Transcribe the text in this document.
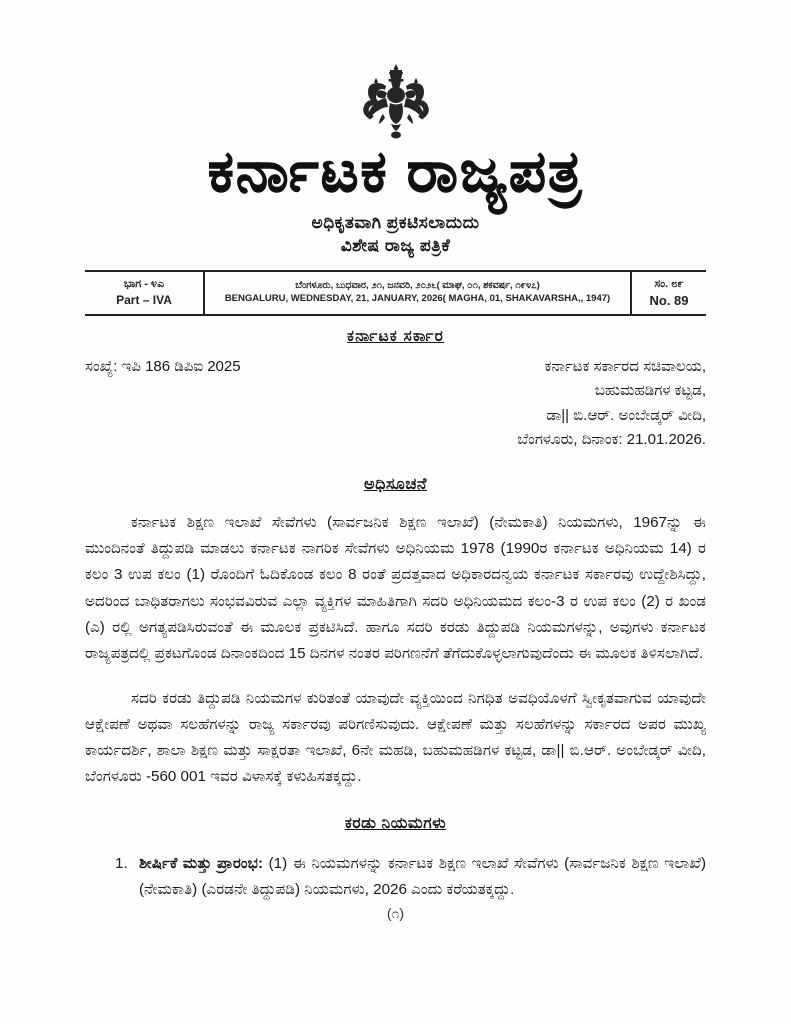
ಕರ್ನಾಟಕ ರಾಜ್ಯಪತ್ರ
ಅಧಿಕೃತವಾಗಿ ಪ್ರಕಟಿಸಲಾದುದು
ವಿಶೇಷ ರಾಜ್ಯ ಪತ್ರಿಕೆ
ಭಾಗ - ೪ಎ
Part – IVA
ಬೆಂಗಳೂರು, ಬುಧವಾರ, ೨೧, ಜನವರಿ, ೨೦೨೬( ಮಾಘ, ೦೧, ಶಕವರ್ಷ, ೧೯೪೭)
BENGALURU, WEDNESDAY, 21, JANUARY, 2026( MAGHA, 01, SHAKAVARSHA,, 1947)
ಸಂ. ೮೯
No. 89
ಕರ್ನಾಟಕ ಸರ್ಕಾರ
ಸಂಖ್ಯೆ: ಇಪಿ 186 ಡಿಪಿಐ 2025	ಕರ್ನಾಟಕ ಸರ್ಕಾರದ ಸಚಿವಾಲಯ,
ಬಹುಮಹಡಿಗಳ ಕಟ್ಟಡ,
ಡಾ|| ಬಿ.ಆರ್. ಅಂಬೇಡ್ಕರ್ ವೀದಿ,
ಬೆಂಗಳೂರು, ದಿನಾಂಕ: 21.01.2026.
ಅಧಿಸೂಚನೆ
ಕರ್ನಾಟಕ ಶಿಕ್ಷಣ ಇಲಾಖೆ ಸೇವೆಗಳು (ಸಾರ್ವಜನಿಕ ಶಿಕ್ಷಣ ಇಲಾಖೆ) (ನೇಮಕಾತಿ) ನಿಯಮಗಳು, 1967ನ್ನು ಈ ಮುಂದಿನಂತೆ ತಿದ್ದುಪಡಿ ಮಾಡಲು ಕರ್ನಾಟಕ ನಾಗರಿಕ ಸೇವೆಗಳು ಅಧಿನಿಯಮ 1978 (1990ರ ಕರ್ನಾಟಕ ಅಧಿನಿಯಮ 14) ರ ಕಲಂ 3 ಉಪ ಕಲಂ (1) ರೊಂದಿಗೆ ಓದಿಕೊಂಡ ಕಲಂ 8 ರಂತೆ ಪ್ರದತ್ತವಾದ ಅಧಿಕಾರದನ್ವಯ ಕರ್ನಾಟಕ ಸರ್ಕಾರವು ಉದ್ದೇಶಿಸಿದ್ದು, ಅದರಿಂದ ಬಾಧಿತರಾಗಲು ಸಂಭವವಿರುವ ಎಲ್ಲಾ ವ್ಯಕ್ತಿಗಳ ಮಾಹಿತಿಗಾಗಿ ಸದರಿ ಅಧಿನಿಯಮದ ಕಲಂ-3 ರ ಉಪ ಕಲಂ (2) ರ ಖಂಡ (ಎ) ರಲ್ಲಿ ಅಗತ್ಯಪಡಿಸಿರುವಂತೆ ಈ ಮೂಲಕ ಪ್ರಕಟಿಸಿದೆ. ಹಾಗೂ ಸದರಿ ಕರಡು ತಿದ್ದುಪಡಿ ನಿಯಮಗಳನ್ನು, ಅವುಗಳು ಕರ್ನಾಟಕ ರಾಜ್ಯಪತ್ರದಲ್ಲಿ ಪ್ರಕಟಗೊಂಡ ದಿನಾಂಕದಿಂದ 15 ದಿನಗಳ ನಂತರ ಪರಿಗಣನೆಗೆ ತೆಗೆದುಕೊಳ್ಳಲಾಗುವುದೆಂದು ಈ ಮೂಲಕ ತಿಳಿಸಲಾಗಿದೆ.
ಸದರಿ ಕರಡು ತಿದ್ದುಪಡಿ ನಿಯಮಗಳ ಕುರಿತಂತೆ ಯಾವುದೇ ವ್ಯಕ್ತಿಯಿಂದ ನಿಗಧಿತ ಅವಧಿಯೊಳಗೆ ಸ್ವೀಕೃತವಾಗುವ ಯಾವುದೇ ಆಕ್ಷೇಪಣೆ ಅಥವಾ ಸಲಹೆಗಳನ್ನು ರಾಜ್ಯ ಸರ್ಕಾರವು ಪರಿಗಣಿಸುವುದು. ಆಕ್ಷೇಪಣೆ ಮತ್ತು ಸಲಹೆಗಳನ್ನು ಸರ್ಕಾರದ ಅಪರ ಮುಖ್ಯ ಕಾರ್ಯದರ್ಶಿ, ಶಾಲಾ ಶಿಕ್ಷಣ ಮತ್ತು ಸಾಕ್ಷರತಾ ಇಲಾಖೆ, 6ನೇ ಮಹಡಿ, ಬಹುಮಹಡಿಗಳ ಕಟ್ಟಡ, ಡಾ|| ಬಿ.ಆರ್. ಅಂಬೇಡ್ಕರ್ ವೀದಿ, ಬೆಂಗಳೂರು -560 001 ಇವರ ವಿಳಾಸಕ್ಕೆ ಕಳುಹಿಸತಕ್ಕದ್ದು.
ಕರಡು ನಿಯಮಗಳು
1. ಶೀರ್ಷಿಕೆ ಮತ್ತು ಪ್ರಾರಂಭ: (1) ಈ ನಿಯಮಗಳನ್ನು ಕರ್ನಾಟಕ ಶಿಕ್ಷಣ ಇಲಾಖೆ ಸೇವೆಗಳು (ಸಾರ್ವಜನಿಕ ಶಿಕ್ಷಣ ಇಲಾಖೆ) (ನೇಮಕಾತಿ) (ಎರಡನೇ ತಿದ್ದುಪಡಿ) ನಿಯಮಗಳು, 2026 ಎಂದು ಕರೆಯತಕ್ಕದ್ದು.
(೧)
